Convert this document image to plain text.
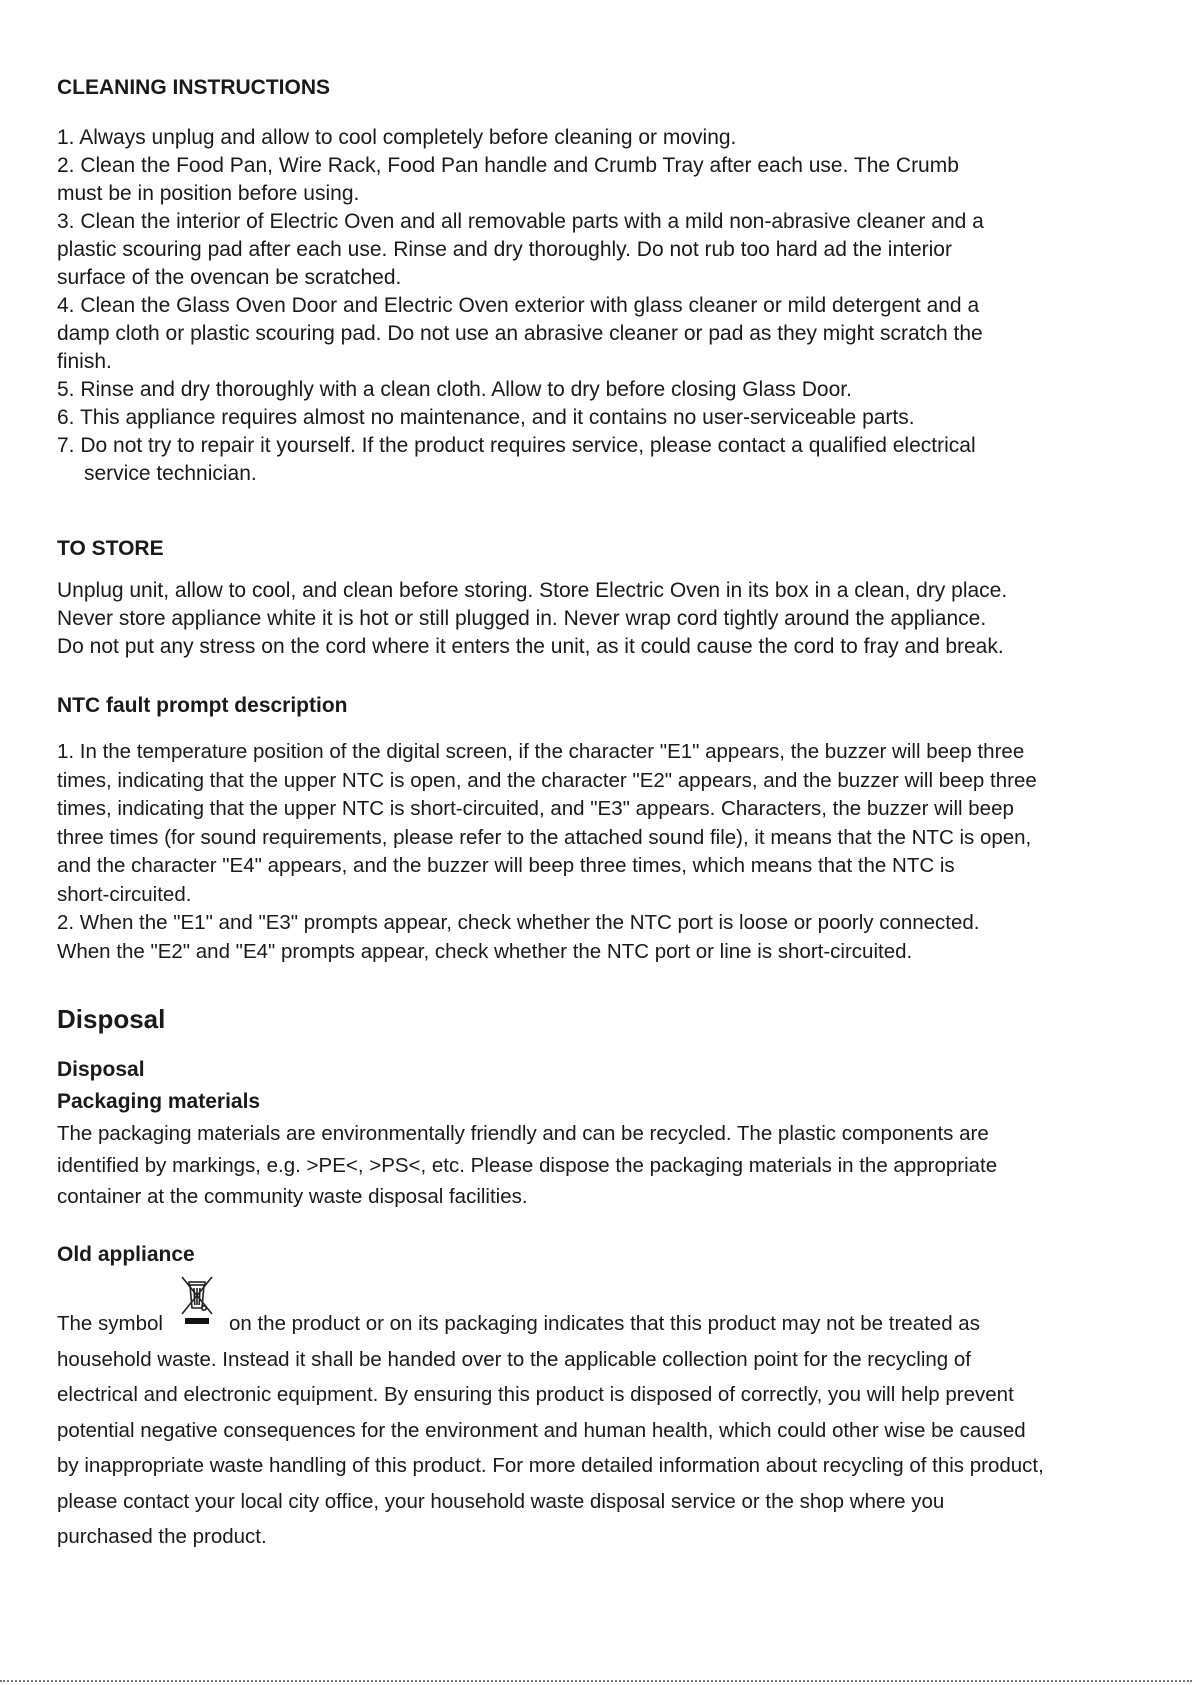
CLEANING INSTRUCTIONS
1. Always unplug and allow to cool completely before cleaning or moving.
2. Clean the Food Pan, Wire Rack, Food Pan handle and Crumb Tray after each use. The Crumb
must be in position before using.
3. Clean the interior of Electric Oven and all removable parts with a mild non-abrasive cleaner and a
plastic scouring pad after each use. Rinse and dry thoroughly. Do not rub too hard ad the interior
surface of the ovencan be scratched.
4. Clean the Glass Oven Door and Electric Oven exterior with glass cleaner or mild detergent and a
damp cloth or plastic scouring pad. Do not use an abrasive cleaner or pad as they might scratch the
finish.
5. Rinse and dry thoroughly with a clean cloth. Allow to dry before closing Glass Door.
6. This appliance requires almost no maintenance, and it contains no user-serviceable parts.
7. Do not try to repair it yourself. If the product requires service, please contact a qualified electrical
service technician.
TO STORE
Unplug unit, allow to cool, and clean before storing. Store Electric Oven in its box in a clean, dry place.
Never store appliance white it is hot or still plugged in. Never wrap cord tightly around the appliance.
Do not put any stress on the cord where it enters the unit, as it could cause the cord to fray and break.
NTC fault prompt description
1. In the temperature position of the digital screen, if the character "E1" appears, the buzzer will beep three
times, indicating that the upper NTC is open, and the character "E2" appears, and the buzzer will beep three
times, indicating that the upper NTC is short-circuited, and "E3" appears. Characters, the buzzer will beep
three times (for sound requirements, please refer to the attached sound file), it means that the NTC is open,
and the character "E4" appears, and the buzzer will beep three times, which means that the NTC is
short-circuited.
2. When the "E1" and "E3" prompts appear, check whether the NTC port is loose or poorly connected.
When the "E2" and "E4" prompts appear, check whether the NTC port or line is short-circuited.
Disposal
Disposal
Packaging materials
The packaging materials are environmentally friendly and can be recycled. The plastic components are
identified by markings, e.g. >PE<, >PS<, etc. Please dispose the packaging materials in the appropriate
container at the community waste disposal facilities.
Old appliance
The symbol	on the product or on its packaging indicates that this product may not be treated as
household waste. Instead it shall be handed over to the applicable collection point for the recycling of
electrical and electronic equipment. By ensuring this product is disposed of correctly, you will help prevent
potential negative consequences for the environment and human health, which could other wise be caused
by inappropriate waste handling of this product. For more detailed information about recycling of this product,
please contact your local city office, your household waste disposal service or the shop where you
purchased the product.
